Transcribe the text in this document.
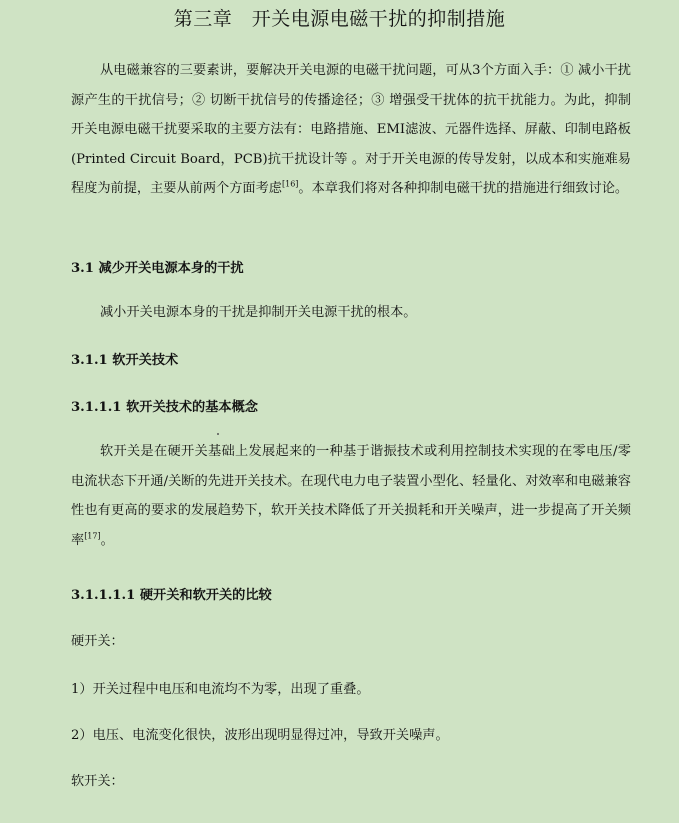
第三章　开关电源电磁干扰的抑制措施

从电磁兼容的三要素讲，要解决开关电源的电磁干扰问题，可从3个方面入手：① 减小干扰源产生的干扰信号；② 切断干扰信号的传播途径；③ 增强受干扰体的抗干扰能力。为此，抑制开关电源电磁干扰要采取的主要方法有：电路措施、EMI滤波、元器件选择、屏蔽、印制电路板(Printed Circuit Board，PCB)抗干扰设计等 。对于开关电源的传导发射，以成本和实施难易程度为前提，主要从前两个方面考虑[16]。本章我们将对各种抑制电磁干扰的措施进行细致讨论。

3.1 减少开关电源本身的干扰

减小开关电源本身的干扰是抑制开关电源干扰的根本。

3.1.1 软开关技术
3.1.1.1 软开关技术的基本概念

软开关是在硬开关基础上发展起来的一种基于谐振技术或利用控制技术实现的在零电压/零电流状态下开通/关断的先进开关技术。在现代电力电子装置小型化、轻量化、对效率和电磁兼容性也有更高的要求的发展趋势下，软开关技术降低了开关损耗和开关噪声，进一步提高了开关频率[17]。

3.1.1.1.1 硬开关和软开关的比较
硬开关：
1）开关过程中电压和电流均不为零，出现了重叠。
2）电压、电流变化很快，波形出现明显得过冲，导致开关噪声。
软开关：
